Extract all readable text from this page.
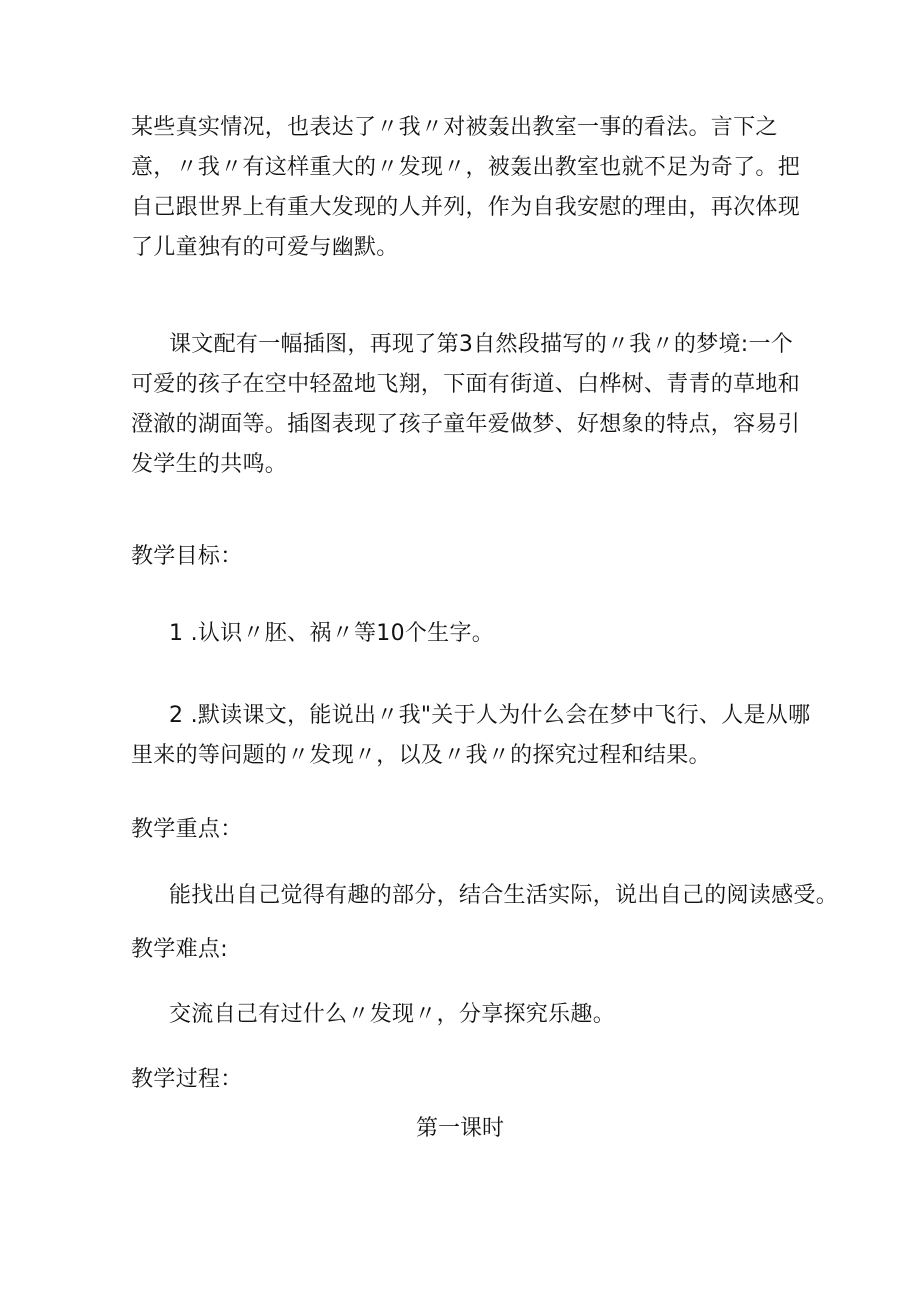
某些真实情况，也表达了〃我〃对被轰出教室一事的看法。言下之
意，〃我〃有这样重大的〃发现〃，被轰出教室也就不足为奇了。把
自己跟世界上有重大发现的人并列，作为自我安慰的理由，再次体现
了儿童独有的可爱与幽默。
课文配有一幅插图，再现了第3自然段描写的〃我〃的梦境:一个
可爱的孩子在空中轻盈地飞翔，下面有街道、白桦树、青青的草地和
澄澈的湖面等。插图表现了孩子童年爱做梦、好想象的特点，容易引
发学生的共鸣。
教学目标：
1 .认识〃胚、祸〃等10个生字。
2 .默读课文，能说出〃我"关于人为什么会在梦中飞行、人是从哪
里来的等问题的〃发现〃，以及〃我〃的探究过程和结果。
教学重点：
能找出自己觉得有趣的部分，结合生活实际，说出自己的阅读感受。
教学难点:
交流自己有过什么〃发现〃，分享探究乐趣。
教学过程：
第一课时
